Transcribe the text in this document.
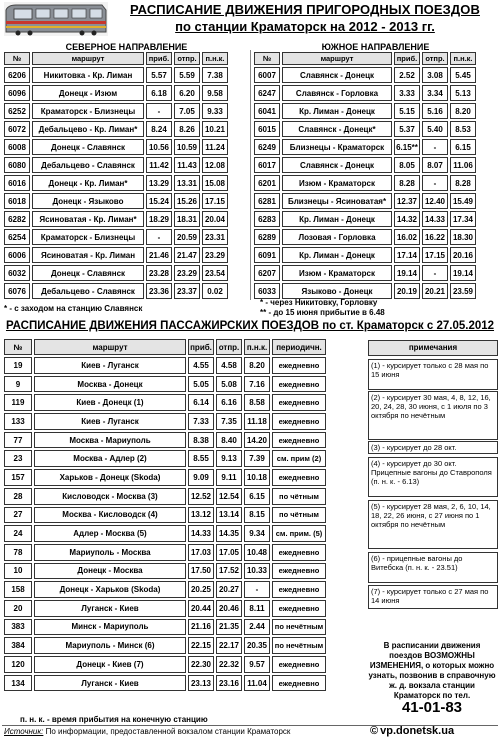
РАСПИСАНИЕ ДВИЖЕНИЯ ПРИГОРОДНЫХ ПОЕЗДОВ
по станции Краматорск на 2012 - 2013 гг.
СЕВЕРНОЕ НАПРАВЛЕНИЕ	ЮЖНОЕ НАПРАВЛЕНИЕ
№	маршрут	приб.	отпр.	п.н.к.
6206	Никитовка - Кр. Лиман	5.57	5.59	7.38
6096	Донецк - Изюм	6.18	6.20	9.58
6252	Краматорск - Близнецы	-	7.05	9.33
6072	Дебальцево - Кр. Лиман*	8.24	8.26	10.21
6008	Донецк - Славянск	10.56	10.59	11.24
6080	Дебальцево - Славянск	11.42	11.43	12.08
6016	Донецк - Кр. Лиман*	13.29	13.31	15.08
6018	Донецк - Языково	15.24	15.26	17.15
6282	Ясиноватая - Кр. Лиман*	18.29	18.31	20.04
6254	Краматорск - Близнецы	-	20.59	23.31
6006	Ясиноватая - Кр. Лиман	21.46	21.47	23.29
6032	Донецк - Славянск	23.28	23.29	23.54
6076	Дебальцево - Славянск	23.36	23.37	0.02
№	маршрут	приб.	отпр.	п.н.к.
6007	Славянск - Донецк	2.52	3.08	5.45
6247	Славянск - Горловка	3.33	3.34	5.13
6041	Кр. Лиман - Донецк	5.15	5.16	8.20
6015	Славянск - Донецк*	5.37	5.40	8.53
6249	Близнецы - Краматорск	6.15**	-	6.15
6017	Славянск - Донецк	8.05	8.07	11.06
6201	Изюм - Краматорск	8.28	-	8.28
6281	Близнецы - Ясиноватая*	12.37	12.40	15.49
6283	Кр. Лиман - Донецк	14.32	14.33	17.34
6289	Лозовая - Горловка	16.02	16.22	18.30
6091	Кр. Лиман - Донецк	17.14	17.15	20.16
6207	Изюм - Краматорск	19.14	-	19.14
6033	Языково - Донецк	20.19	20.21	23.59
* - с заходом на станцию Славянск
* - через Никитовку, Горловку
** - до 15 июня прибытие в 6.48
РАСПИСАНИЕ ДВИЖЕНИЯ ПАССАЖИРСКИХ ПОЕЗДОВ по ст. Краматорск с 27.05.2012
№	маршрут	приб.	отпр.	п.н.к.	периодичн.
19	Киев - Луганск	4.55	4.58	8.20	ежедневно
9	Москва - Донецк	5.05	5.08	7.16	ежедневно
119	Киев - Донецк (1)	6.14	6.16	8.58	ежедневно
133	Киев - Луганск	7.33	7.35	11.18	ежедневно
77	Москва - Мариуполь	8.38	8.40	14.20	ежедневно
23	Москва - Адлер (2)	8.55	9.13	7.39	см. прим (2)
157	Харьков - Донецк (Skoda)	9.09	9.11	10.18	ежедневно
28	Кисловодск - Москва (3)	12.52	12.54	6.15	по чётным
27	Москва - Кисловодск (4)	13.12	13.14	8.15	по чётным
24	Адлер - Москва (5)	14.33	14.35	9.34	см. прим. (5)
78	Мариуполь - Москва	17.03	17.05	10.48	ежедневно
10	Донецк - Москва	17.50	17.52	10.33	ежедневно
158	Донецк - Харьков (Skoda)	20.25	20.27	-	ежедневно
20	Луганск - Киев	20.44	20.46	8.11	ежедневно
383	Минск - Мариуполь	21.16	21.35	2.44	по нечётным
384	Мариуполь - Минск (6)	22.15	22.17	20.35	по нечётным
120	Донецк - Киев (7)	22.30	22.32	9.57	ежедневно
134	Луганск - Киев	23.13	23.16	11.04	ежедневно
примечания
(1) - курсирует только с 28 мая по 15 июня
(2) - курсирует 30 мая, 4, 8, 12, 16, 20, 24, 28, 30 июня, с 1 июля по 3 октября по нечётным
(3) - курсирует до 28 окт.
(4) - курсирует до 30 окт. Прицепные вагоны до Ставрополя (п. н. к. - 6.13)
(5) - курсирует 28 мая, 2, 6, 10, 14, 18, 22, 26 июня, с 27 июня по 1 октября по нечётным
(6) - прицепные вагоны до Витебска (п. н. к. - 23.51)
(7) - курсирует только с 27 мая по 14 июня
В расписании движения поездов ВОЗМОЖНЫ ИЗМЕНЕНИЯ, о которых можно узнать, позвонив в справочную ж. д. вокзала станции Краматорск по тел.
41-01-83
п. н. к. - время прибытия на конечную станцию
Источник: По информации, предоставленной вокзалом станции Краматорск	© vp.donetsk.ua
